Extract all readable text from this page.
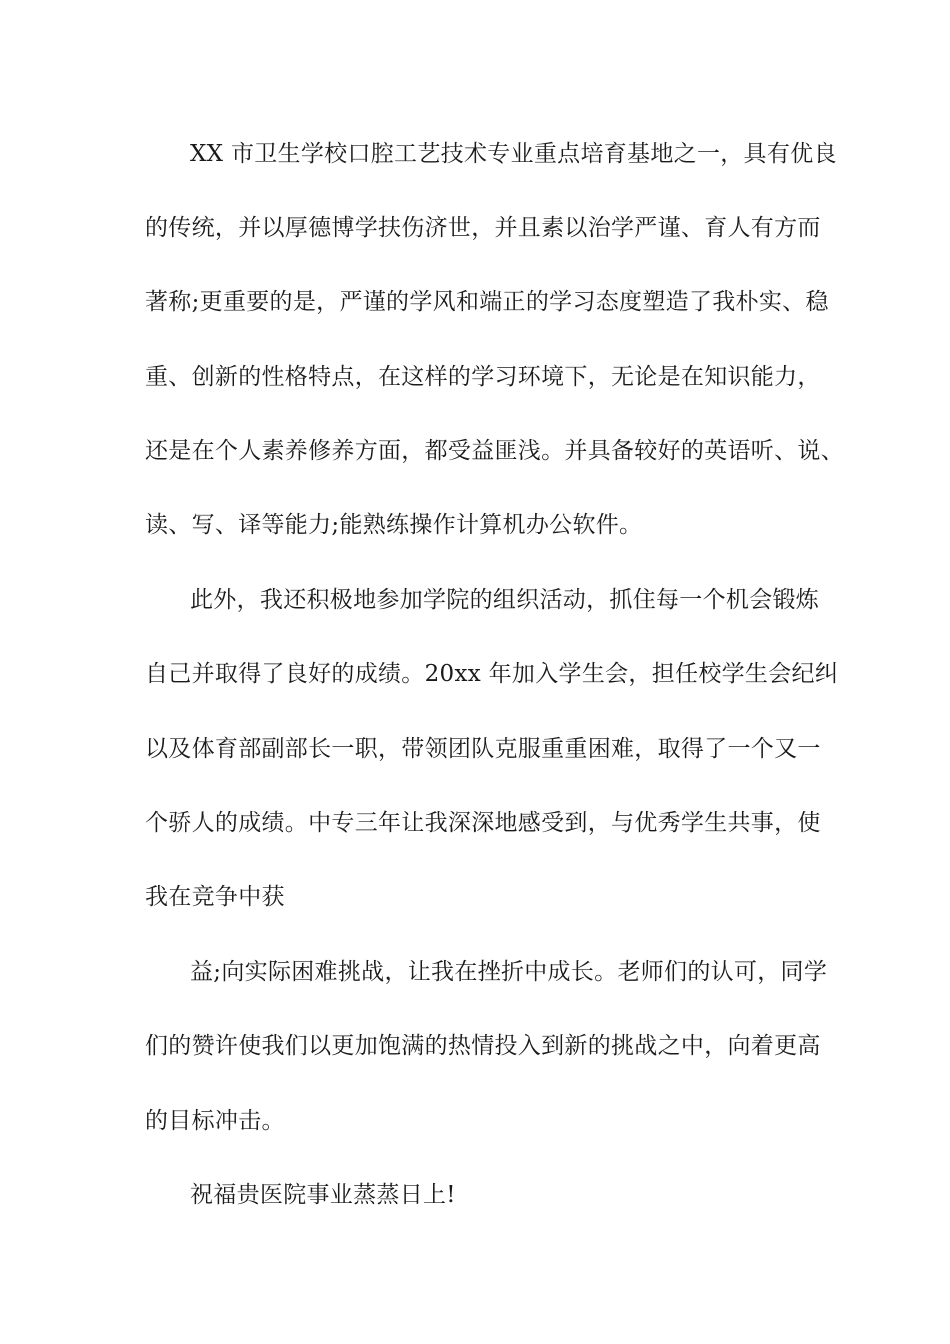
XX 市卫生学校口腔工艺技术专业重点培育基地之一，具有优良
的传统，并以厚德博学扶伤济世，并且素以治学严谨、育人有方而
著称;更重要的是，严谨的学风和端正的学习态度塑造了我朴实、稳
重、创新的性格特点，在这样的学习环境下，无论是在知识能力，
还是在个人素养修养方面，都受益匪浅。并具备较好的英语听、说、
读、写、译等能力;能熟练操作计算机办公软件。
此外，我还积极地参加学院的组织活动，抓住每一个机会锻炼
自己并取得了良好的成绩。20xx 年加入学生会，担任校学生会纪纠
以及体育部副部长一职，带领团队克服重重困难，取得了一个又一
个骄人的成绩。中专三年让我深深地感受到，与优秀学生共事，使
我在竞争中获
益;向实际困难挑战，让我在挫折中成长。老师们的认可，同学
们的赞许使我们以更加饱满的热情投入到新的挑战之中，向着更高
的目标冲击。
祝福贵医院事业蒸蒸日上!
